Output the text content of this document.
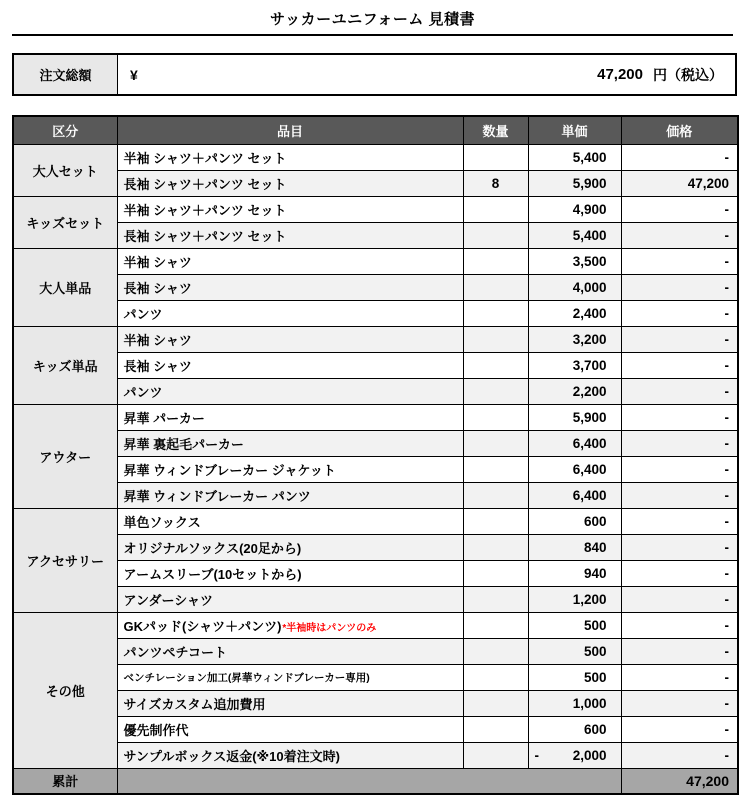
サッカーユニフォーム 見積書
注文総額	¥	47,200 円（税込）
区分	品目	数量	単価	価格
大人セット	半袖 シャツ＋パンツ セット		5,400	-
	長袖 シャツ＋パンツ セット	8	5,900	47,200
キッズセット	半袖 シャツ＋パンツ セット		4,900	-
	長袖 シャツ＋パンツ セット		5,400	-
大人単品	半袖 シャツ		3,500	-
	長袖 シャツ		4,000	-
	パンツ		2,400	-
キッズ単品	半袖 シャツ		3,200	-
	長袖 シャツ		3,700	-
	パンツ		2,200	-
アウター	昇華 パーカー		5,900	-
	昇華 裏起毛パーカー		6,400	-
	昇華 ウィンドブレーカー ジャケット		6,400	-
	昇華 ウィンドブレーカー パンツ		6,400	-
アクセサリー	単色ソックス		600	-
	オリジナルソックス(20足から)		840	-
	アームスリーブ(10セットから)		940	-
	アンダーシャツ		1,200	-
その他	GKパッド(シャツ＋パンツ)*半袖時はパンツのみ		500	-
	パンツペチコート		500	-
	ベンチレーション加工(昇華ウィンドブレーカー専用)		500	-
	サイズカスタム追加費用		1,000	-
	優先制作代		600	-
	サンプルボックス返金(※10着注文時)		- 2,000	-
累計				47,200
